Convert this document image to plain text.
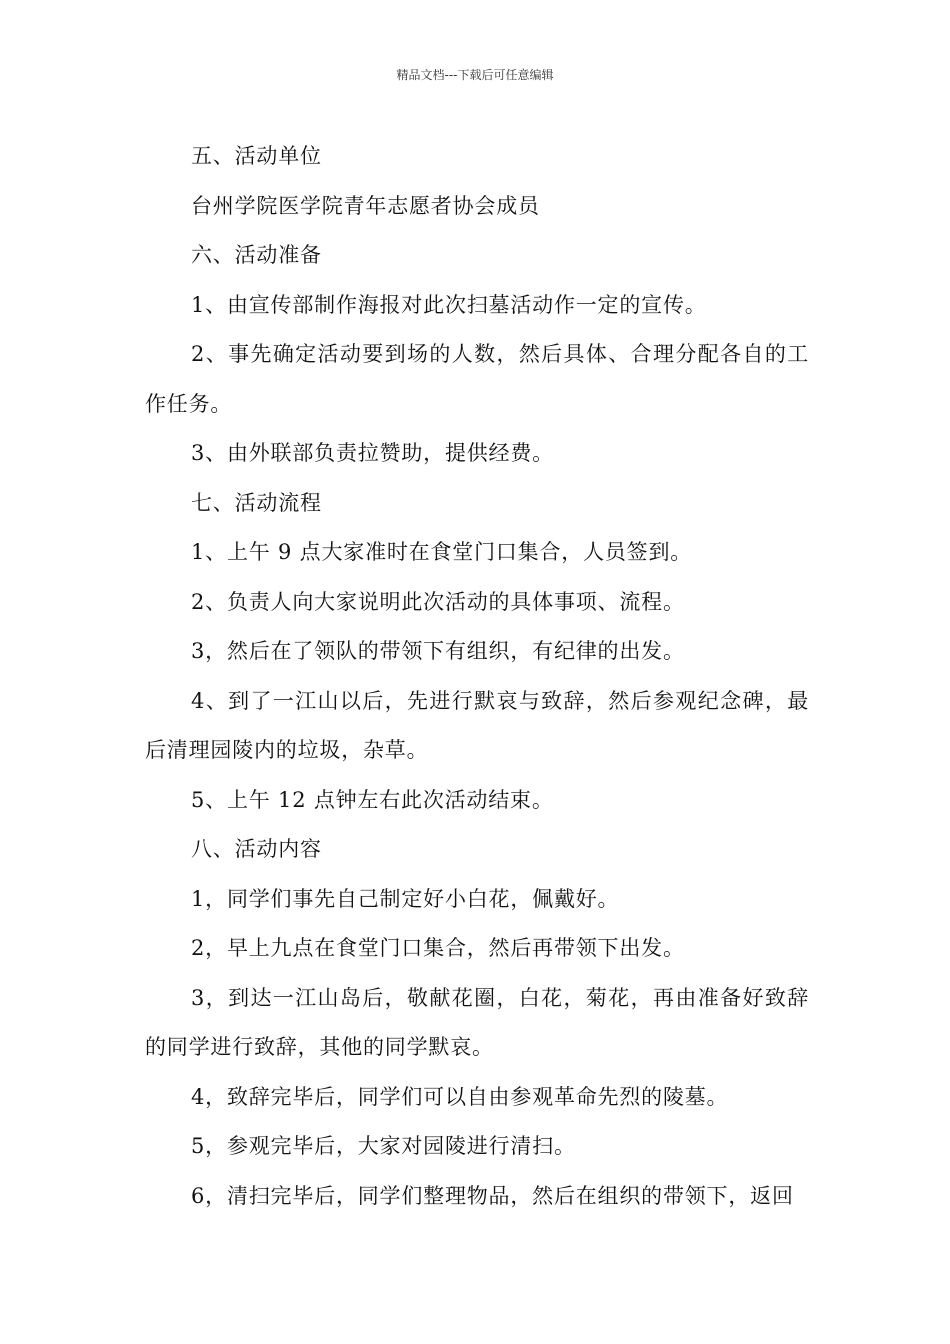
精品文档---下载后可任意编辑

五、活动单位

台州学院医学院青年志愿者协会成员

六、活动准备

1、由宣传部制作海报对此次扫墓活动作一定的宣传。

2、事先确定活动要到场的人数，然后具体、合理分配各自的工作任务。

3、由外联部负责拉赞助，提供经费。

七、活动流程

1、上午 9 点大家准时在食堂门口集合，人员签到。

2、负责人向大家说明此次活动的具体事项、流程。

3，然后在了领队的带领下有组织，有纪律的出发。

4、到了一江山以后，先进行默哀与致辞，然后参观纪念碑，最后清理园陵内的垃圾，杂草。

5、上午 12 点钟左右此次活动结束。

八、活动内容

1，同学们事先自己制定好小白花，佩戴好。

2，早上九点在食堂门口集合，然后再带领下出发。

3，到达一江山岛后，敬献花圈，白花，菊花，再由准备好致辞的同学进行致辞，其他的同学默哀。

4，致辞完毕后，同学们可以自由参观革命先烈的陵墓。

5，参观完毕后，大家对园陵进行清扫。

6，清扫完毕后，同学们整理物品，然后在组织的带领下，返回
